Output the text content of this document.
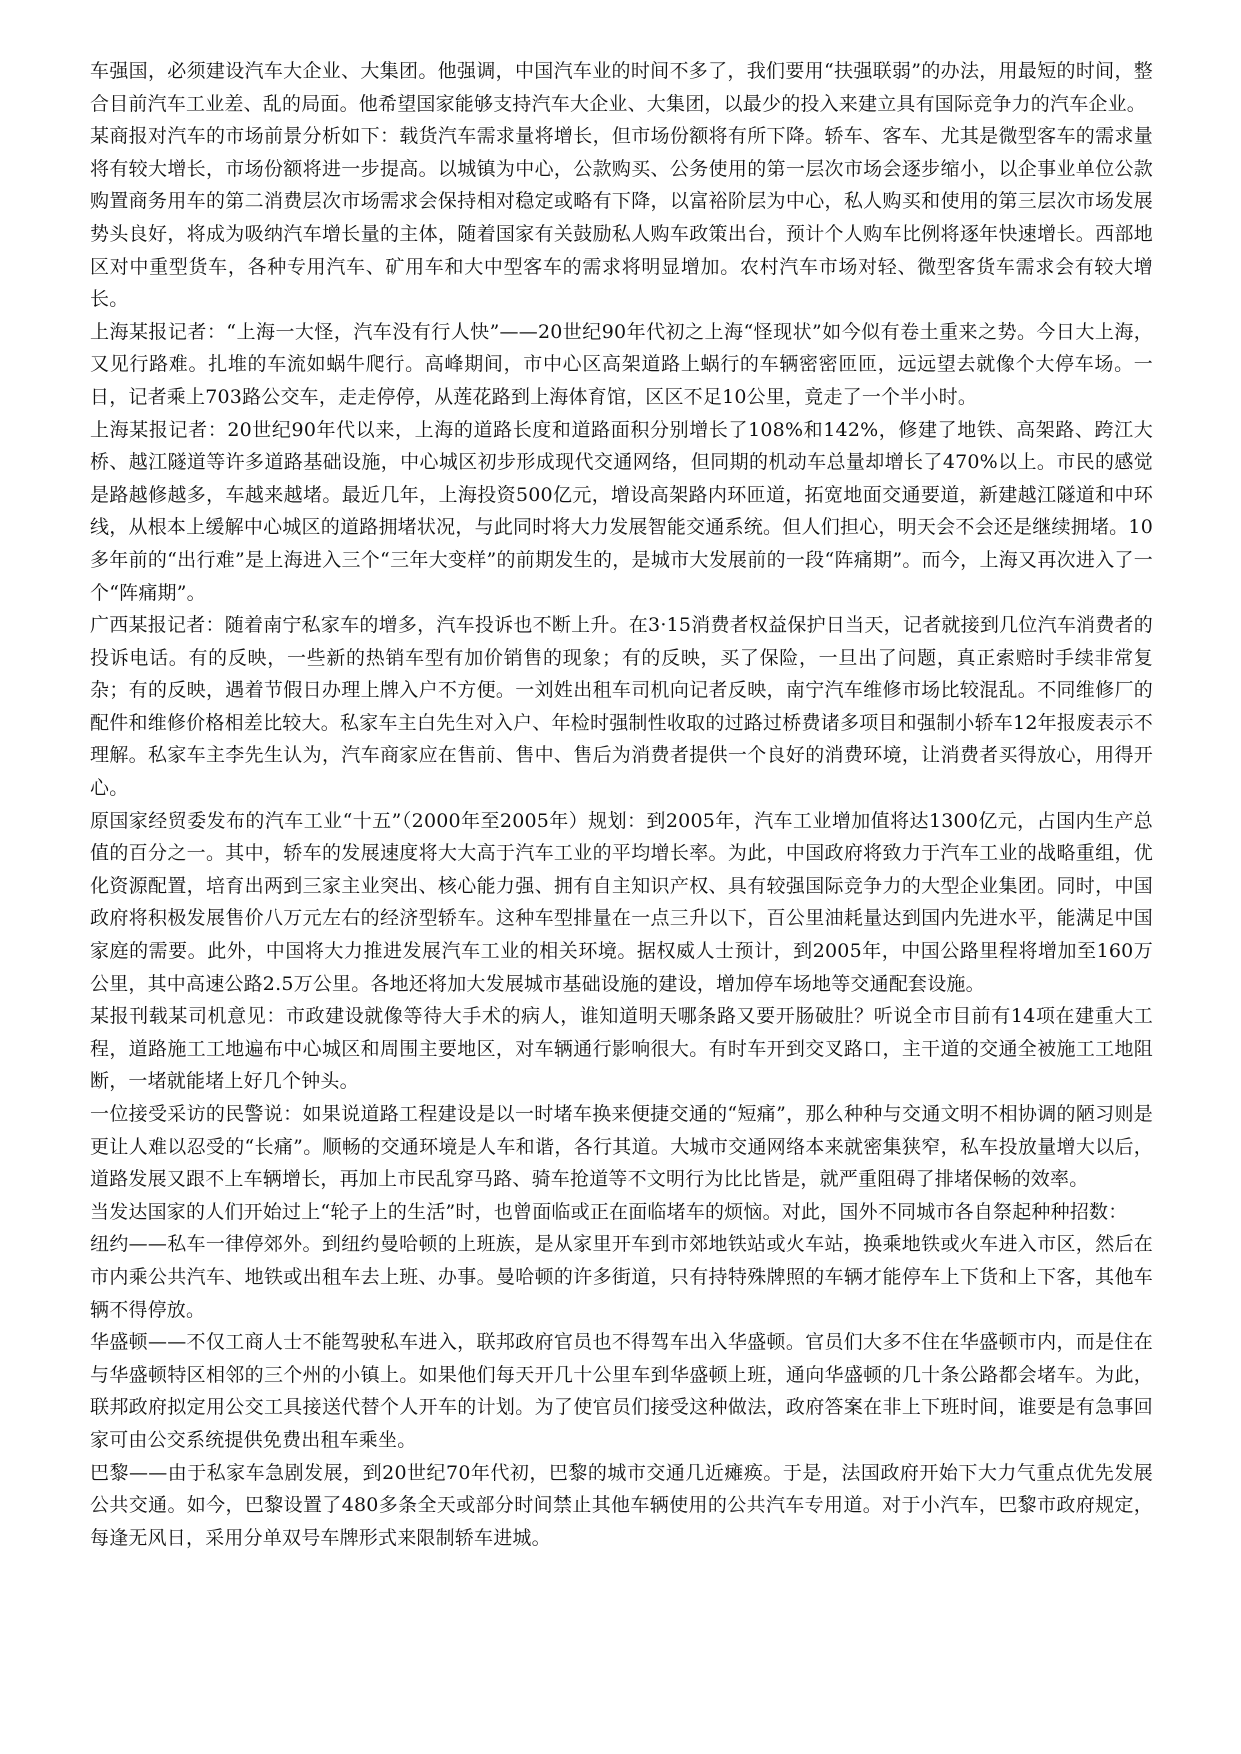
车强国，必须建设汽车大企业、大集团。他强调，中国汽车业的时间不多了，我们要用“扶强联弱”的办法，用最短的时间，整合目前汽车工业差、乱的局面。他希望国家能够支持汽车大企业、大集团，以最少的投入来建立具有国际竞争力的汽车企业。

某商报对汽车的市场前景分析如下：载货汽车需求量将增长，但市场份额将有所下降。轿车、客车、尤其是微型客车的需求量将有较大增长，市场份额将进一步提高。以城镇为中心，公款购买、公务使用的第一层次市场会逐步缩小，以企事业单位公款购置商务用车的第二消费层次市场需求会保持相对稳定或略有下降，以富裕阶层为中心，私人购买和使用的第三层次市场发展势头良好，将成为吸纳汽车增长量的主体，随着国家有关鼓励私人购车政策出台，预计个人购车比例将逐年快速增长。西部地区对中重型货车，各种专用汽车、矿用车和大中型客车的需求将明显增加。农村汽车市场对轻、微型客货车需求会有较大增长。

上海某报记者：“上海一大怪，汽车没有行人快”——20世纪90年代初之上海“怪现状”如今似有卷土重来之势。今日大上海，又见行路难。扎堆的车流如蜗牛爬行。高峰期间，市中心区高架道路上蜗行的车辆密密匝匝，远远望去就像个大停车场。一日，记者乘上703路公交车，走走停停，从莲花路到上海体育馆，区区不足10公里，竟走了一个半小时。

上海某报记者：20世纪90年代以来，上海的道路长度和道路面积分别增长了108%和142%，修建了地铁、高架路、跨江大桥、越江隧道等许多道路基础设施，中心城区初步形成现代交通网络，但同期的机动车总量却增长了470%以上。市民的感觉是路越修越多，车越来越堵。最近几年，上海投资500亿元，增设高架路内环匝道，拓宽地面交通要道，新建越江隧道和中环线，从根本上缓解中心城区的道路拥堵状况，与此同时将大力发展智能交通系统。但人们担心，明天会不会还是继续拥堵。10多年前的“出行难”是上海进入三个“三年大变样”的前期发生的，是城市大发展前的一段“阵痛期”。而今，上海又再次进入了一个“阵痛期”。

广西某报记者：随着南宁私家车的增多，汽车投诉也不断上升。在3·15消费者权益保护日当天，记者就接到几位汽车消费者的投诉电话。有的反映，一些新的热销车型有加价销售的现象；有的反映，买了保险，一旦出了问题，真正索赔时手续非常复杂；有的反映，遇着节假日办理上牌入户不方便。一刘姓出租车司机向记者反映，南宁汽车维修市场比较混乱。不同维修厂的配件和维修价格相差比较大。私家车主白先生对入户、年检时强制性收取的过路过桥费诸多项目和强制小轿车12年报废表示不理解。私家车主李先生认为，汽车商家应在售前、售中、售后为消费者提供一个良好的消费环境，让消费者买得放心，用得开心。

原国家经贸委发布的汽车工业“十五”（2000年至2005年）规划：到2005年，汽车工业增加值将达1300亿元，占国内生产总值的百分之一。其中，轿车的发展速度将大大高于汽车工业的平均增长率。为此，中国政府将致力于汽车工业的战略重组，优化资源配置，培育出两到三家主业突出、核心能力强、拥有自主知识产权、具有较强国际竞争力的大型企业集团。同时，中国政府将积极发展售价八万元左右的经济型轿车。这种车型排量在一点三升以下，百公里油耗量达到国内先进水平，能满足中国家庭的需要。此外，中国将大力推进发展汽车工业的相关环境。据权威人士预计，到2005年，中国公路里程将增加至160万公里，其中高速公路2.5万公里。各地还将加大发展城市基础设施的建设，增加停车场地等交通配套设施。

某报刊载某司机意见：市政建设就像等待大手术的病人，谁知道明天哪条路又要开肠破肚？听说全市目前有14项在建重大工程，道路施工工地遍布中心城区和周围主要地区，对车辆通行影响很大。有时车开到交叉路口，主干道的交通全被施工工地阻断，一堵就能堵上好几个钟头。

一位接受采访的民警说：如果说道路工程建设是以一时堵车换来便捷交通的“短痛”，那么种种与交通文明不相协调的陋习则是更让人难以忍受的“长痛”。顺畅的交通环境是人车和谐，各行其道。大城市交通网络本来就密集狭窄，私车投放量增大以后，道路发展又跟不上车辆增长，再加上市民乱穿马路、骑车抢道等不文明行为比比皆是，就严重阻碍了排堵保畅的效率。

当发达国家的人们开始过上“轮子上的生活”时，也曾面临或正在面临堵车的烦恼。对此，国外不同城市各自祭起种种招数：

纽约——私车一律停郊外。到纽约曼哈顿的上班族，是从家里开车到市郊地铁站或火车站，换乘地铁或火车进入市区，然后在市内乘公共汽车、地铁或出租车去上班、办事。曼哈顿的许多街道，只有持特殊牌照的车辆才能停车上下货和上下客，其他车辆不得停放。

华盛顿——不仅工商人士不能驾驶私车进入，联邦政府官员也不得驾车出入华盛顿。官员们大多不住在华盛顿市内，而是住在与华盛顿特区相邻的三个州的小镇上。如果他们每天开几十公里车到华盛顿上班，通向华盛顿的几十条公路都会堵车。为此，联邦政府拟定用公交工具接送代替个人开车的计划。为了使官员们接受这种做法，政府答案在非上下班时间，谁要是有急事回家可由公交系统提供免费出租车乘坐。

巴黎——由于私家车急剧发展，到20世纪70年代初，巴黎的城市交通几近瘫痪。于是，法国政府开始下大力气重点优先发展公共交通。如今，巴黎设置了480多条全天或部分时间禁止其他车辆使用的公共汽车专用道。对于小汽车，巴黎市政府规定，每逢无风日，采用分单双号车牌形式来限制轿车进城。
